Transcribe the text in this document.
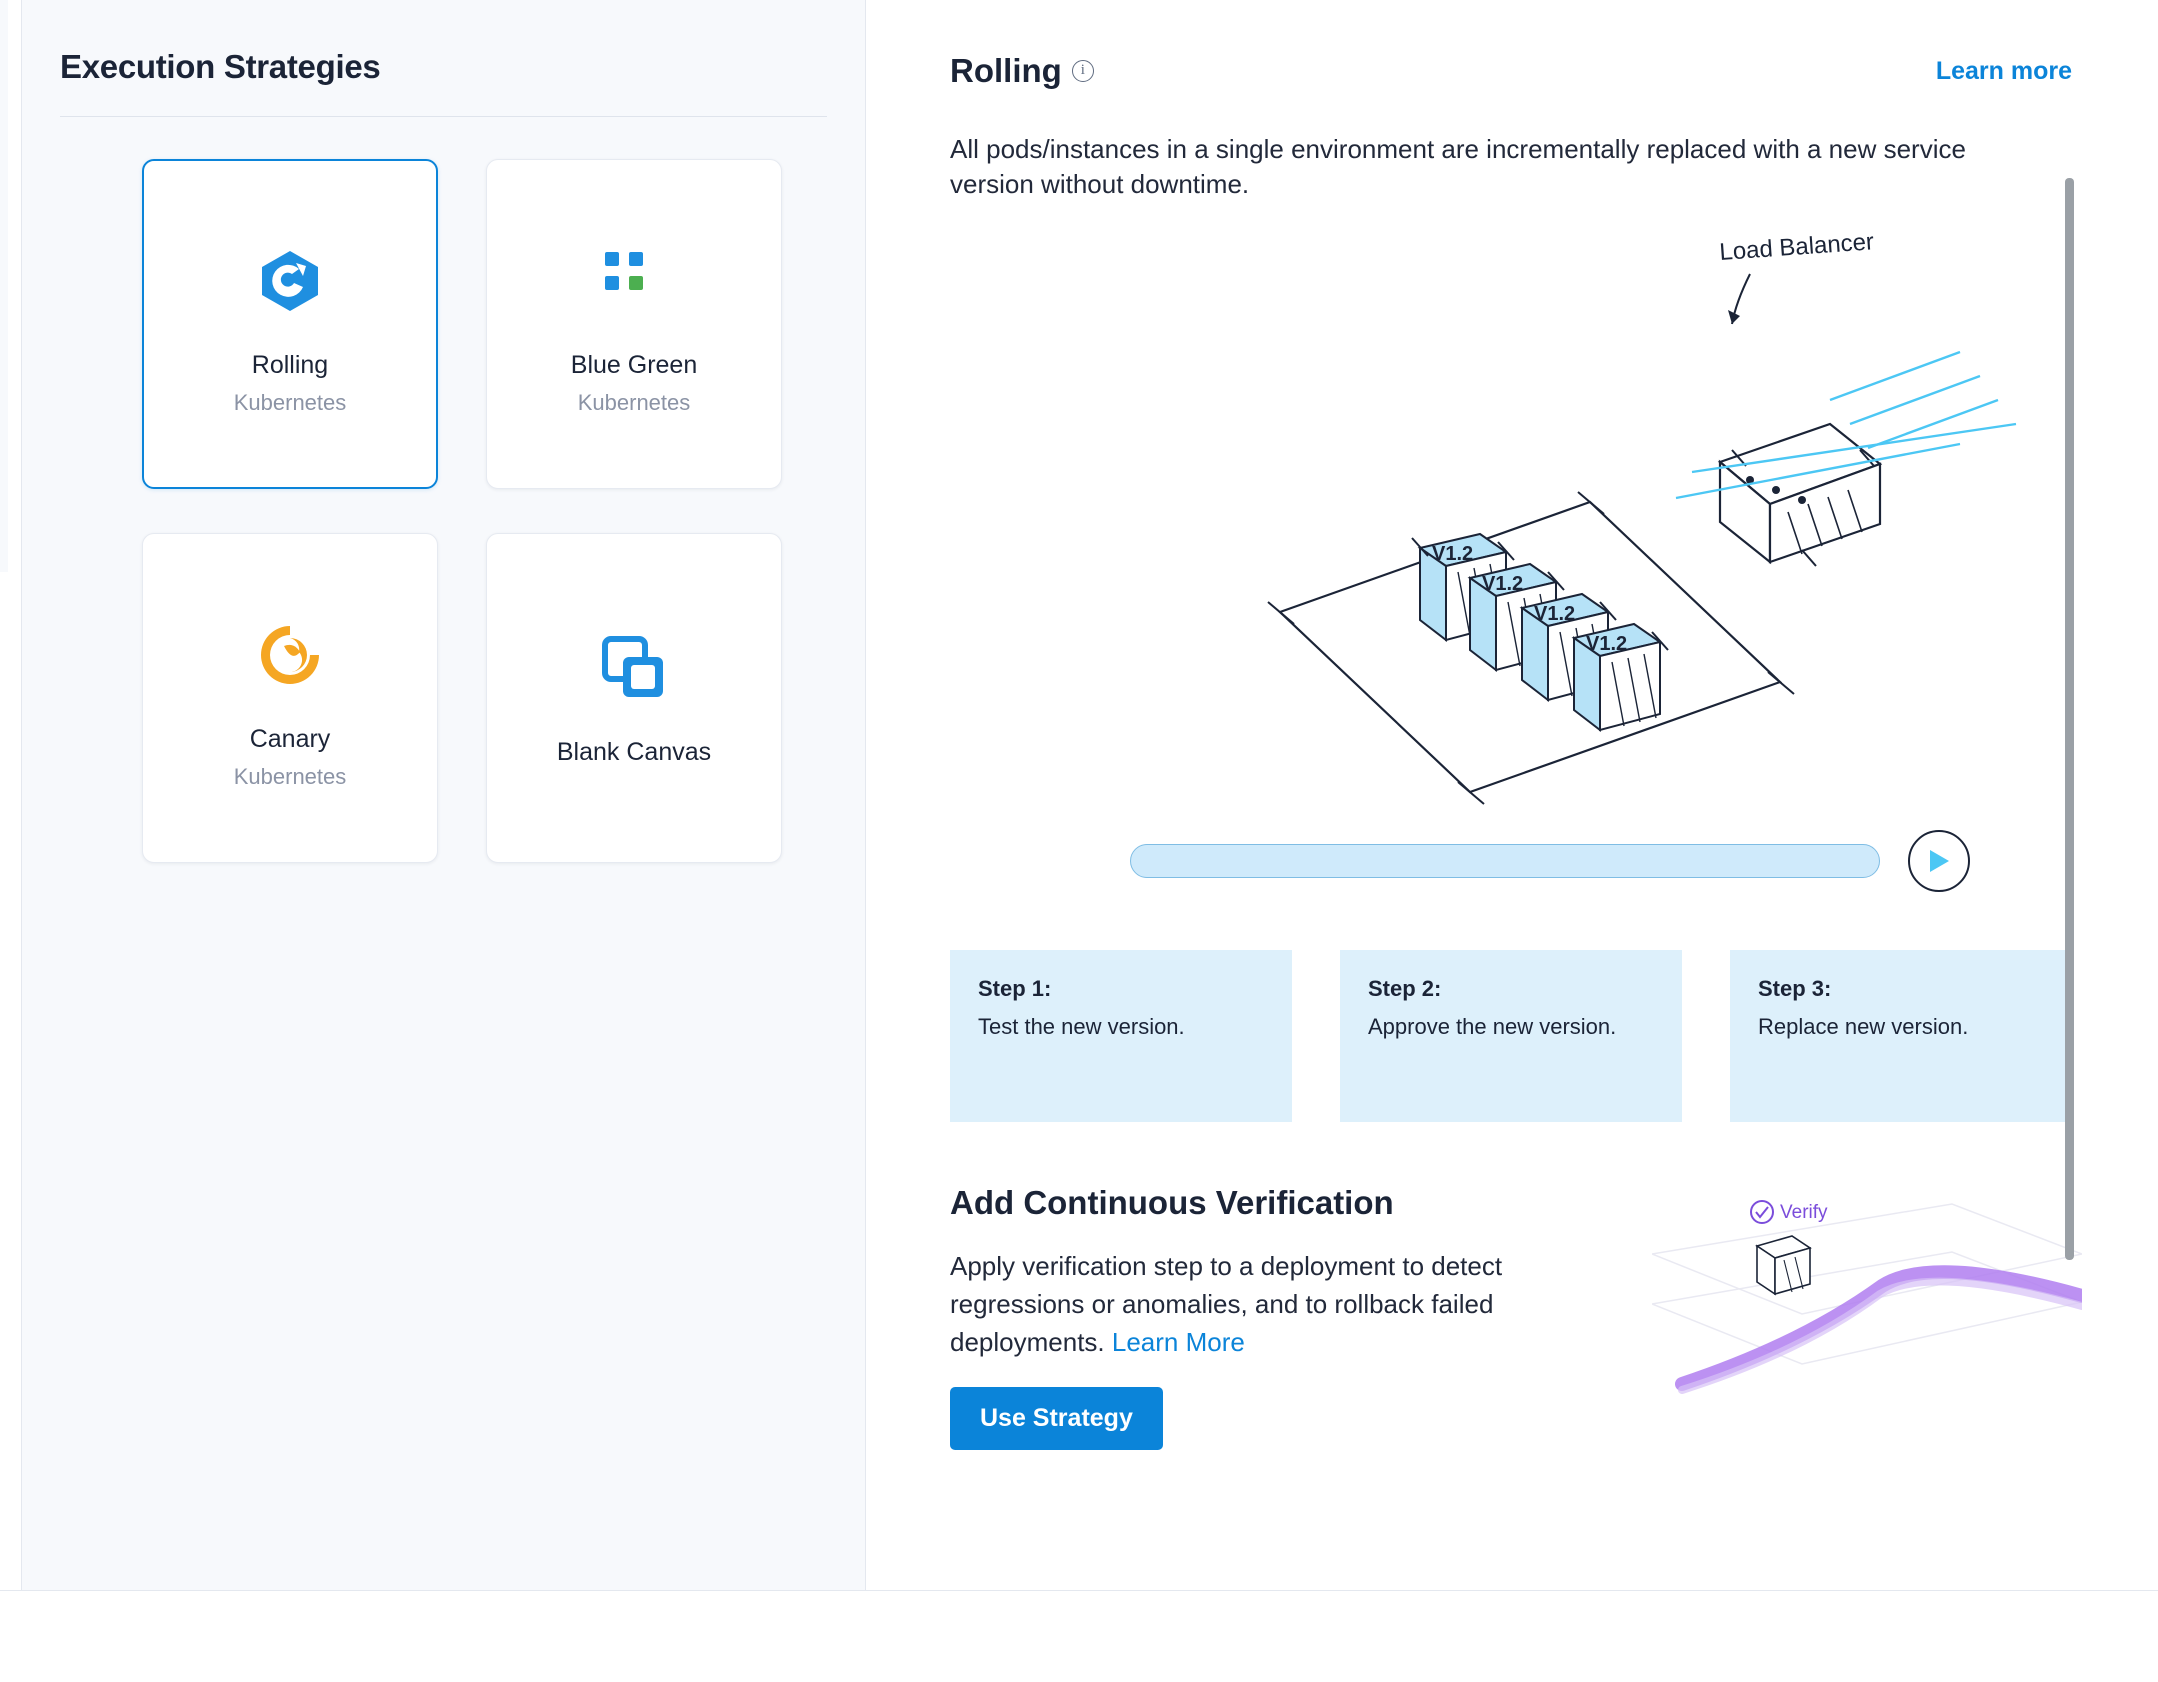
Execution Strategies
Rolling
Kubernetes
Blue Green
Kubernetes
Canary
Kubernetes
Blank Canvas
Rolling	i	Learn more
All pods/instances in a single environment are incrementally replaced with a new service version without downtime.
Load Balancer
V1.2
V1.2
V1.2
V1.2
Step 1:
Test the new version.
Step 2:
Approve the new version.
Step 3:
Replace new version.
Add Continuous Verification
Apply verification step to a deployment to detect regressions or anomalies, and to rollback failed deployments. Learn More
Use Strategy
Verify
